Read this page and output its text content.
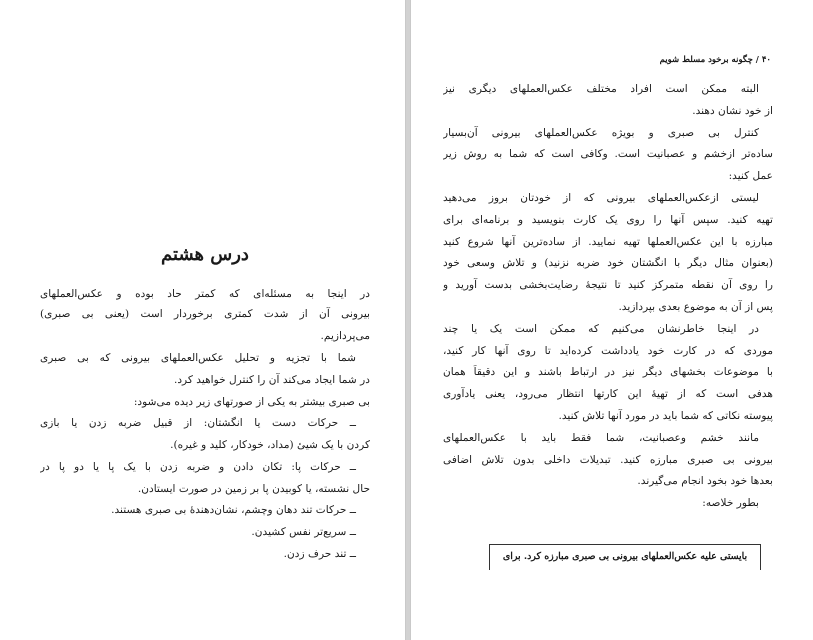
درس هشتم
در اینجا به مسئله‌ای که کمتر حاد بوده و عکس‌العملهای
بیرونی آن از شدت کمتری برخوردار است (یعنی بی صبری)
می‌پردازیم.
شما با تجزیه و تحلیل عکس‌العملهای بیرونی که بی صبری
در شما ایجاد می‌کند آن را کنترل خواهید کرد.
بی صبری بیشتر به یکی از صورتهای زیر دیده می‌شود:
ــ حرکات دست یا انگشتان: از قبیل ضربه زدن یا بازی
کردن با یک شیئ (مداد، خودکار، کلید و غیره).
ــ حرکات پا: تکان دادن و ضربه زدن با یک پا یا دو پا در
حال نشسته، یا کوبیدن پا بر زمین در صورت ایستادن.
ــ حرکات تند دهان وچشم، نشان‌دهندهٔ بی صبری هستند.
ــ سریع‌تر نفس کشیدن.
ــ تند حرف زدن.
۴۰ / چگونه برخود مسلط شویم
البته ممکن است افراد مختلف عکس‌العملهای دیگری نیز
از خود نشان دهند.
کنترل بی صبری و بویژه عکس‌العملهای بیرونی آن‌بسیار
ساده‌تر ازخشم و عصبانیت است. وکافی است که شما به روش زیر
عمل کنید:
لیستی ازعکس‌العملهای بیرونی که از خودتان بروز می‌دهید
تهیه کنید. سپس آنها را روی یک کارت بنویسید و برنامه‌ای برای
مبارزه با این عکس‌العملها تهیه نمایید. از ساده‌ترین آنها شروع کنید
(بعنوان مثال دیگر با انگشتان خود ضربه نزنید) و تلاش وسعی خود
را روی آن نقطه متمرکز کنید تا نتیجهٔ رضایت‌بخشی بدست آورید و
پس از آن به موضوع بعدی بپردازید.
در اینجا خاطرنشان می‌کنیم که ممکن است یک یا چند
موردی که در کارت خود یادداشت کرده‌اید تا روی آنها کار کنید،
با موضوعات بخشهای دیگر نیز در ارتباط باشند و این دقیقاً همان
هدفی است که از تهیهٔ این کارتها انتظار می‌رود، یعنی یادآوری
پیوسته نکاتی که شما باید در مورد آنها تلاش کنید.
مانند خشم وعصبانیت، شما فقط باید با عکس‌العملهای
بیرونی بی صبری مبارزه کنید. تبدیلات داخلی بدون تلاش اضافی
بعدها خود بخود انجام می‌گیرند.
بطور خلاصه:
بایستی علیه عکس‌العملهای بیرونی بی صبری مبارزه کرد. برای
